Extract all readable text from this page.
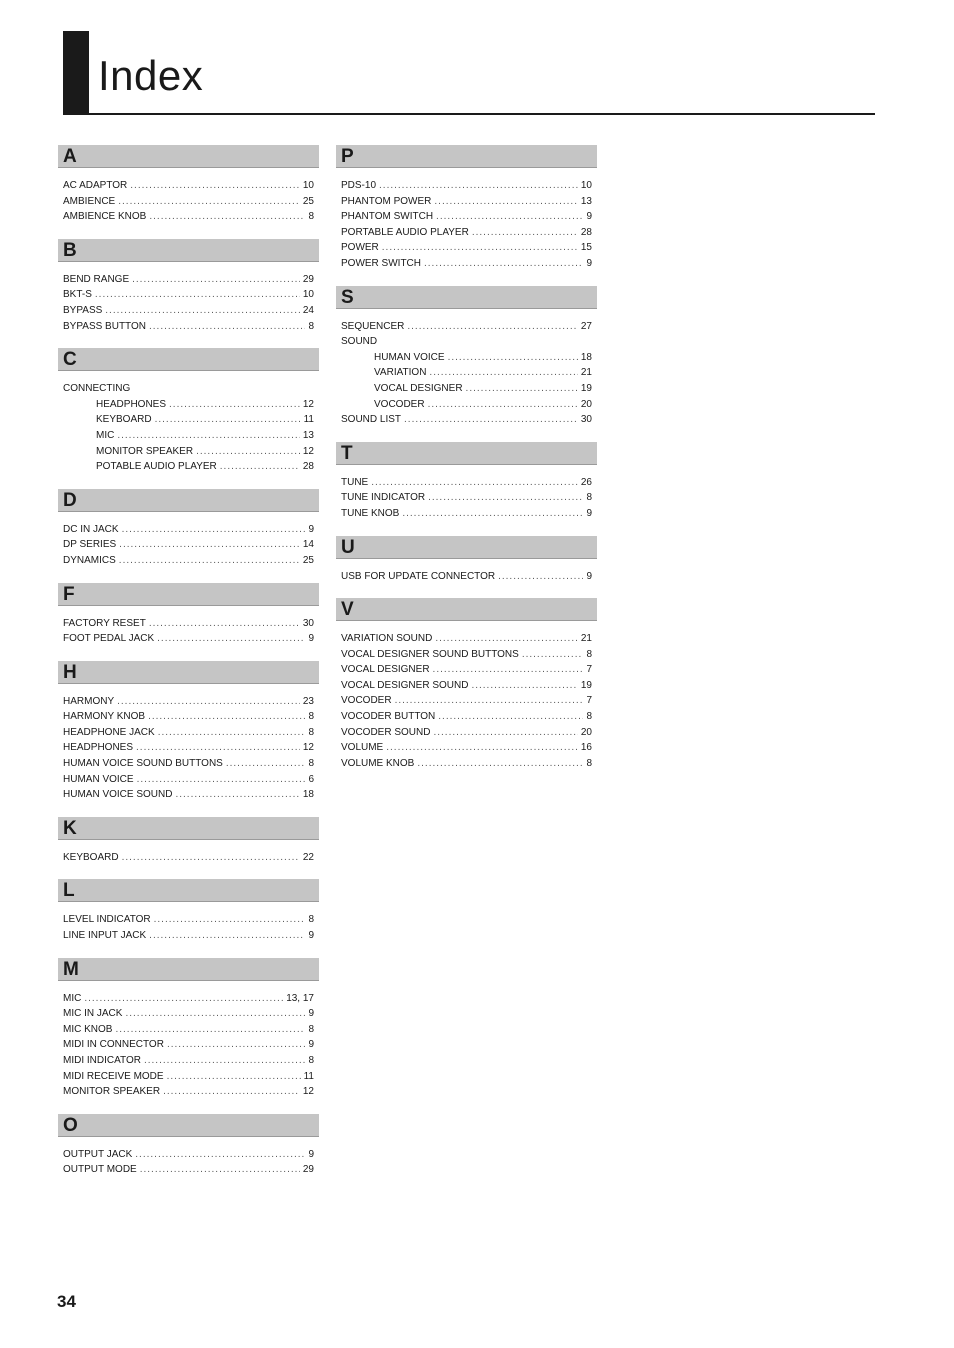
Index
A
AC ADAPTOR .....	10
AMBIENCE .....	25
AMBIENCE KNOB .....	8
B
BEND RANGE .....	29
BKT-S .....	10
BYPASS .....	24
BYPASS BUTTON .....	8
C
CONNECTING
HEADPHONES .....	12
KEYBOARD .....	11
MIC .....	13
MONITOR SPEAKER .....	12
POTABLE AUDIO PLAYER .....	28
D
DC IN JACK .....	9
DP SERIES .....	14
DYNAMICS .....	25
F
FACTORY RESET .....	30
FOOT PEDAL JACK .....	9
H
HARMONY .....	23
HARMONY KNOB .....	8
HEADPHONE JACK .....	8
HEADPHONES .....	12
HUMAN VOICE SOUND BUTTONS .....	8
HUMAN VOICE .....	6
HUMAN VOICE SOUND .....	18
K
KEYBOARD .....	22
L
LEVEL INDICATOR .....	8
LINE INPUT JACK .....	9
M
MIC .....	13, 17
MIC IN JACK .....	9
MIC KNOB .....	8
MIDI IN CONNECTOR .....	9
MIDI INDICATOR .....	8
MIDI RECEIVE MODE .....	11
MONITOR SPEAKER .....	12
O
OUTPUT JACK .....	9
OUTPUT MODE .....	29
P
PDS-10 .....	10
PHANTOM POWER .....	13
PHANTOM SWITCH .....	9
PORTABLE AUDIO PLAYER .....	28
POWER .....	15
POWER SWITCH .....	9
S
SEQUENCER .....	27
SOUND
HUMAN VOICE .....	18
VARIATION .....	21
VOCAL DESIGNER .....	19
VOCODER .....	20
SOUND LIST .....	30
T
TUNE .....	26
TUNE INDICATOR .....	8
TUNE KNOB .....	9
U
USB FOR UPDATE CONNECTOR .....	9
V
VARIATION SOUND .....	21
VOCAL DESIGNER SOUND BUTTONS .....	8
VOCAL DESIGNER .....	7
VOCAL DESIGNER SOUND .....	19
VOCODER .....	7
VOCODER BUTTON .....	8
VOCODER SOUND .....	20
VOLUME .....	16
VOLUME KNOB .....	8
34
